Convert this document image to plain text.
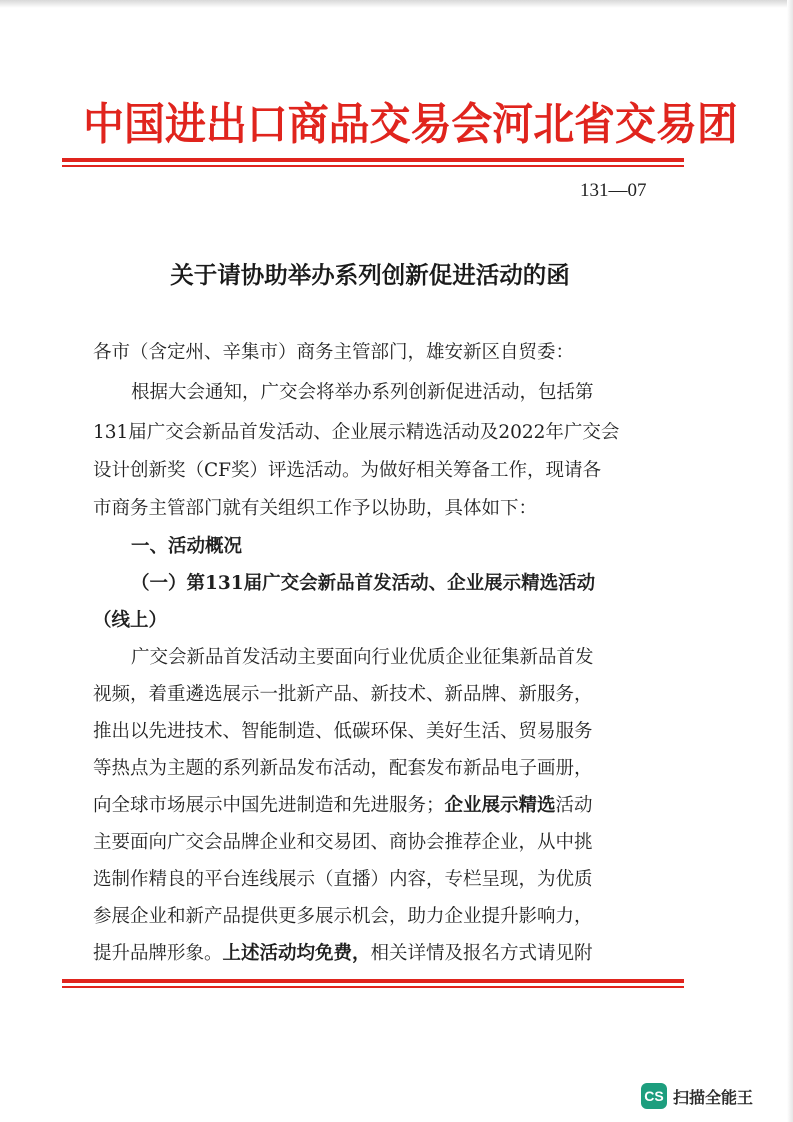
中国进出口商品交易会河北省交易团
131—07
关于请协助举办系列创新促进活动的函
各市（含定州、辛集市）商务主管部门，雄安新区自贸委：
根据大会通知，广交会将举办系列创新促进活动，包括第
131届广交会新品首发活动、企业展示精选活动及2022年广交会
设计创新奖（CF奖）评选活动。为做好相关筹备工作，现请各
市商务主管部门就有关组织工作予以协助，具体如下：
一、活动概况
（一）第131届广交会新品首发活动、企业展示精选活动
（线上）
广交会新品首发活动主要面向行业优质企业征集新品首发
视频，着重遴选展示一批新产品、新技术、新品牌、新服务，
推出以先进技术、智能制造、低碳环保、美好生活、贸易服务
等热点为主题的系列新品发布活动，配套发布新品电子画册，
向全球市场展示中国先进制造和先进服务；企业展示精选活动
主要面向广交会品牌企业和交易团、商协会推荐企业，从中挑
选制作精良的平台连线展示（直播）内容，专栏呈现，为优质
参展企业和新产品提供更多展示机会，助力企业提升影响力，
提升品牌形象。上述活动均免费，相关详情及报名方式请见附
CS 扫描全能王
